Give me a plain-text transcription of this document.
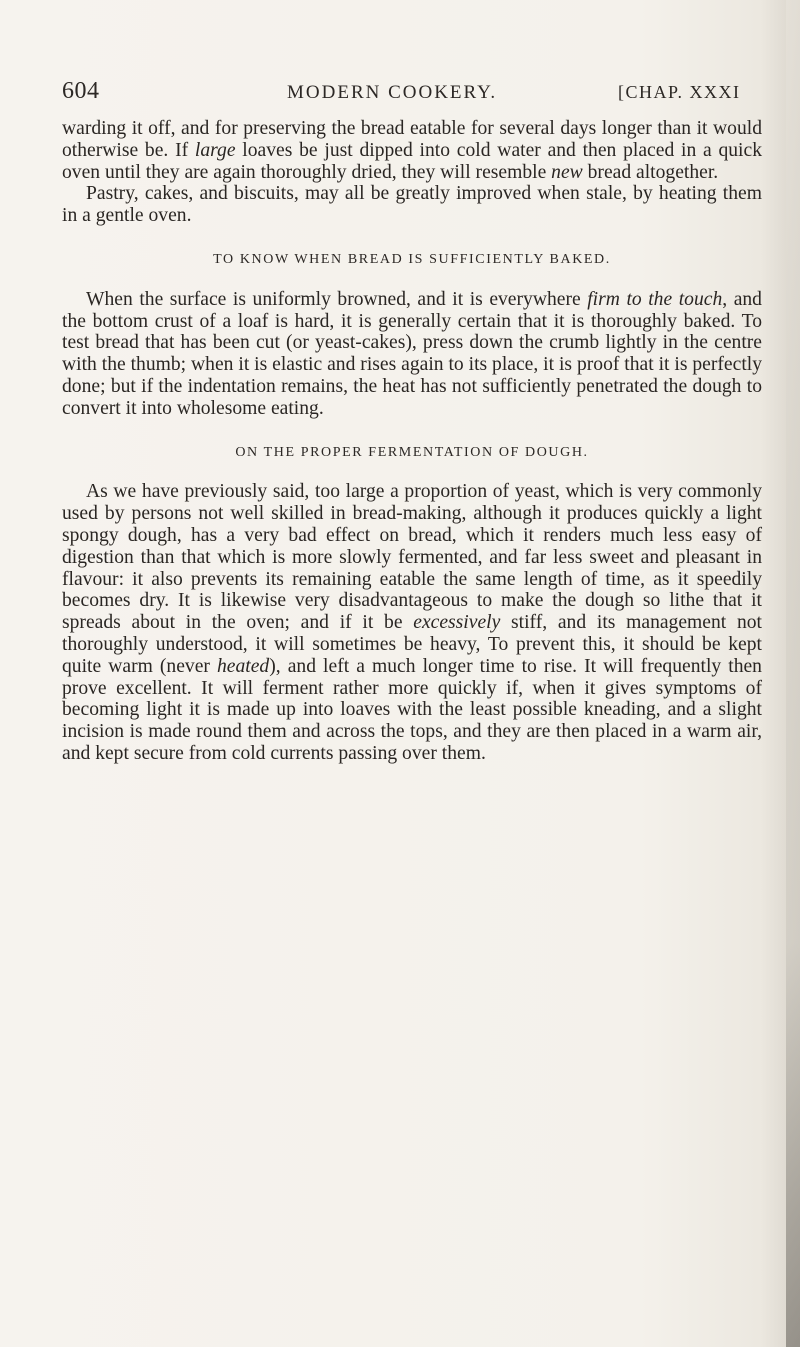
604	MODERN COOKERY.	[CHAP. XXXI

warding it off, and for preserving the bread eatable for several days longer than it would otherwise be. If large loaves be just dipped into cold water and then placed in a quick oven until they are again thoroughly dried, they will resemble new bread altogether.

Pastry, cakes, and biscuits, may all be greatly improved when stale, by heating them in a gentle oven.

TO KNOW WHEN BREAD IS SUFFICIENTLY BAKED.

When the surface is uniformly browned, and it is everywhere firm to the touch, and the bottom crust of a loaf is hard, it is generally certain that it is thoroughly baked. To test bread that has been cut (or yeast-cakes), press down the crumb lightly in the centre with the thumb; when it is elastic and rises again to its place, it is proof that it is perfectly done; but if the indentation remains, the heat has not sufficiently penetrated the dough to convert it into wholesome eating.

ON THE PROPER FERMENTATION OF DOUGH.

As we have previously said, too large a proportion of yeast, which is very commonly used by persons not well skilled in bread-making, although it produces quickly a light spongy dough, has a very bad effect on bread, which it renders much less easy of digestion than that which is more slowly fermented, and far less sweet and pleasant in flavour: it also prevents its remaining eatable the same length of time, as it speedily becomes dry. It is likewise very disadvantageous to make the dough so lithe that it spreads about in the oven; and if it be excessively stiff, and its management not thoroughly understood, it will sometimes be heavy, To prevent this, it should be kept quite warm (never heated), and left a much longer time to rise. It will frequently then prove excellent. It will ferment rather more quickly if, when it gives symptoms of becoming light it is made up into loaves with the least possible kneading, and a slight incision is made round them and across the tops, and they are then placed in a warm air, and kept secure from cold currents passing over them.
